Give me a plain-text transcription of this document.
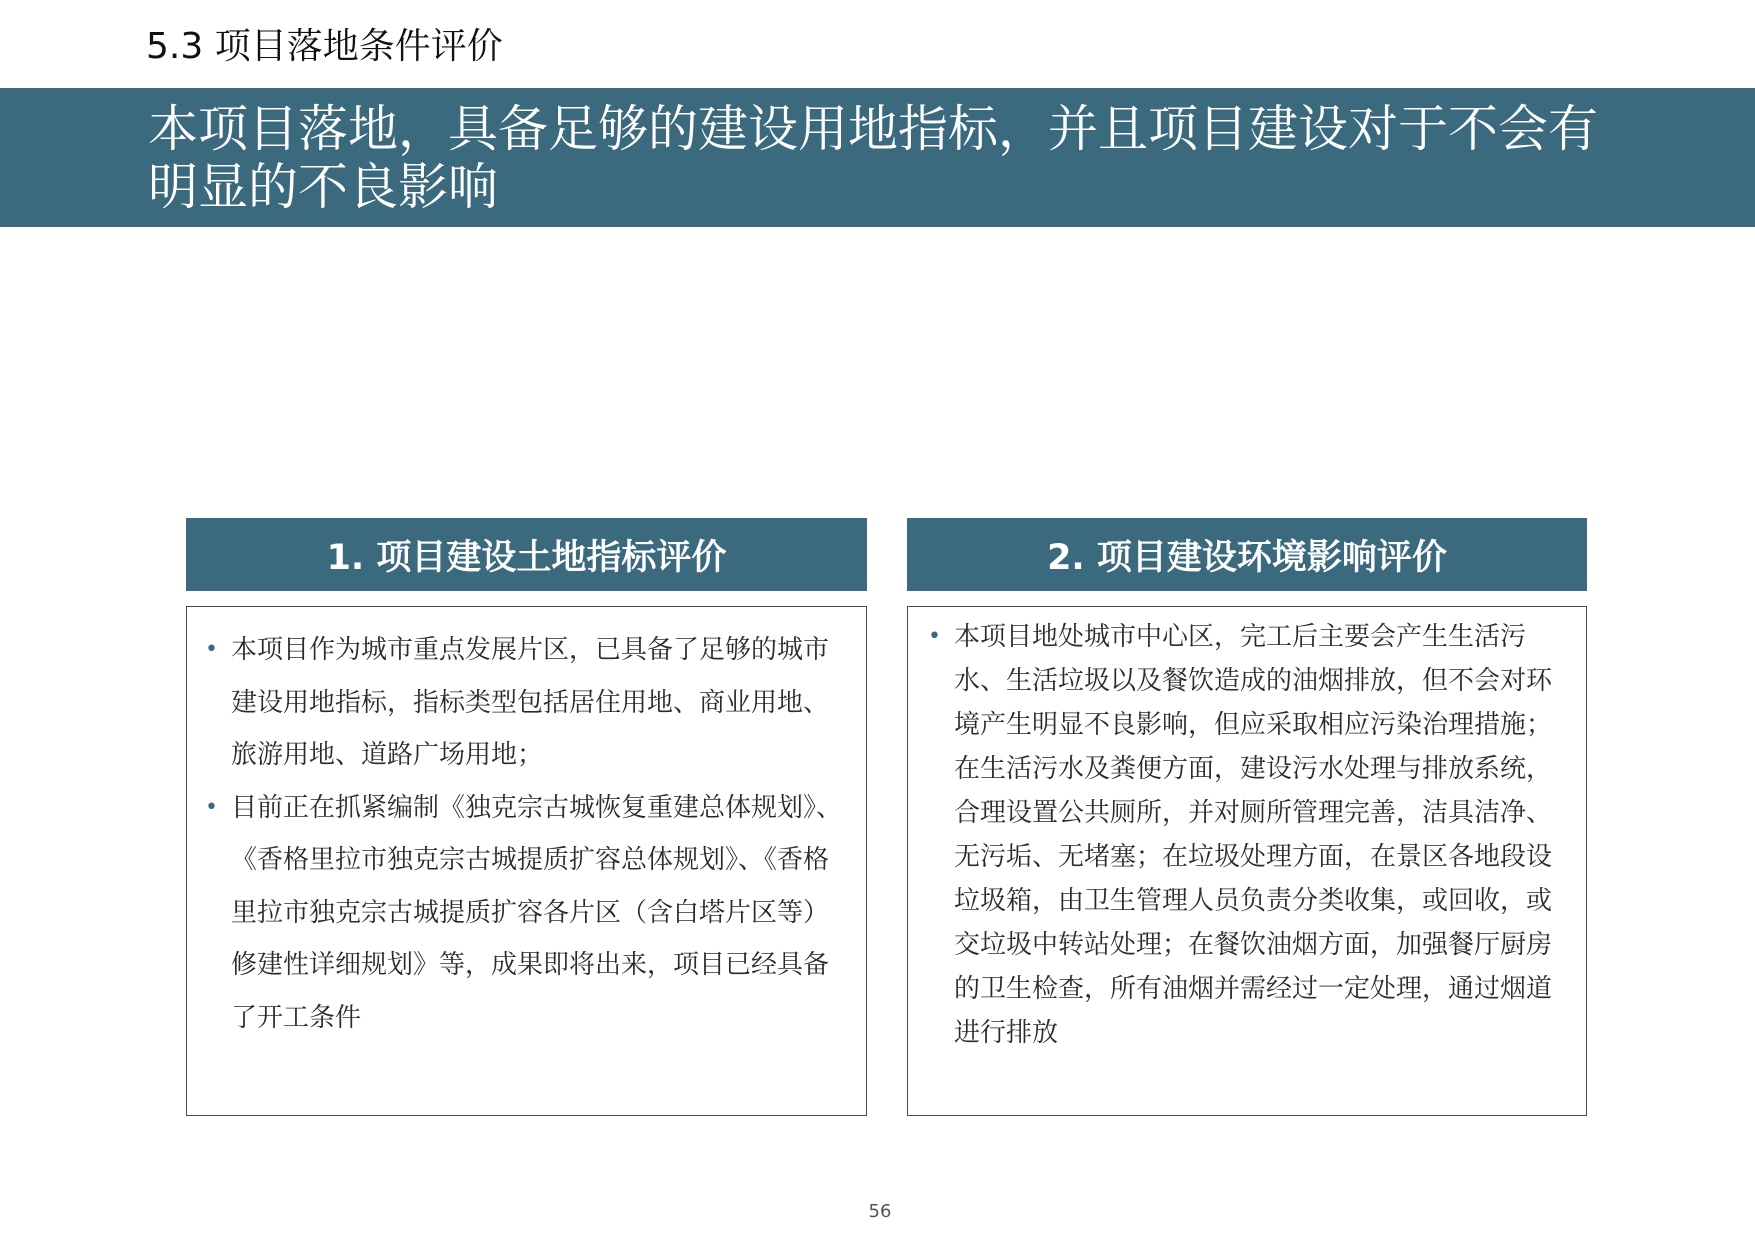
5.3 项目落地条件评价
本项目落地，具备足够的建设用地指标，并且项目建设对于不会有明显的不良影响
1. 项目建设土地指标评价
• 本项目作为城市重点发展片区，已具备了足够的城市建设用地指标，指标类型包括居住用地、商业用地、旅游用地、道路广场用地；
• 目前正在抓紧编制《独克宗古城恢复重建总体规划》、《香格里拉市独克宗古城提质扩容总体规划》、《香格里拉市独克宗古城提质扩容各片区（含白塔片区等）修建性详细规划》等，成果即将出来，项目已经具备了开工条件
2. 项目建设环境影响评价
• 本项目地处城市中心区，完工后主要会产生生活污水、生活垃圾以及餐饮造成的油烟排放，但不会对环境产生明显不良影响，但应采取相应污染治理措施；在生活污水及粪便方面，建设污水处理与排放系统，合理设置公共厕所，并对厕所管理完善，洁具洁净、无污垢、无堵塞；在垃圾处理方面，在景区各地段设垃圾箱，由卫生管理人员负责分类收集，或回收，或交垃圾中转站处理；在餐饮油烟方面，加强餐厅厨房的卫生检查，所有油烟并需经过一定处理，通过烟道进行排放
56
